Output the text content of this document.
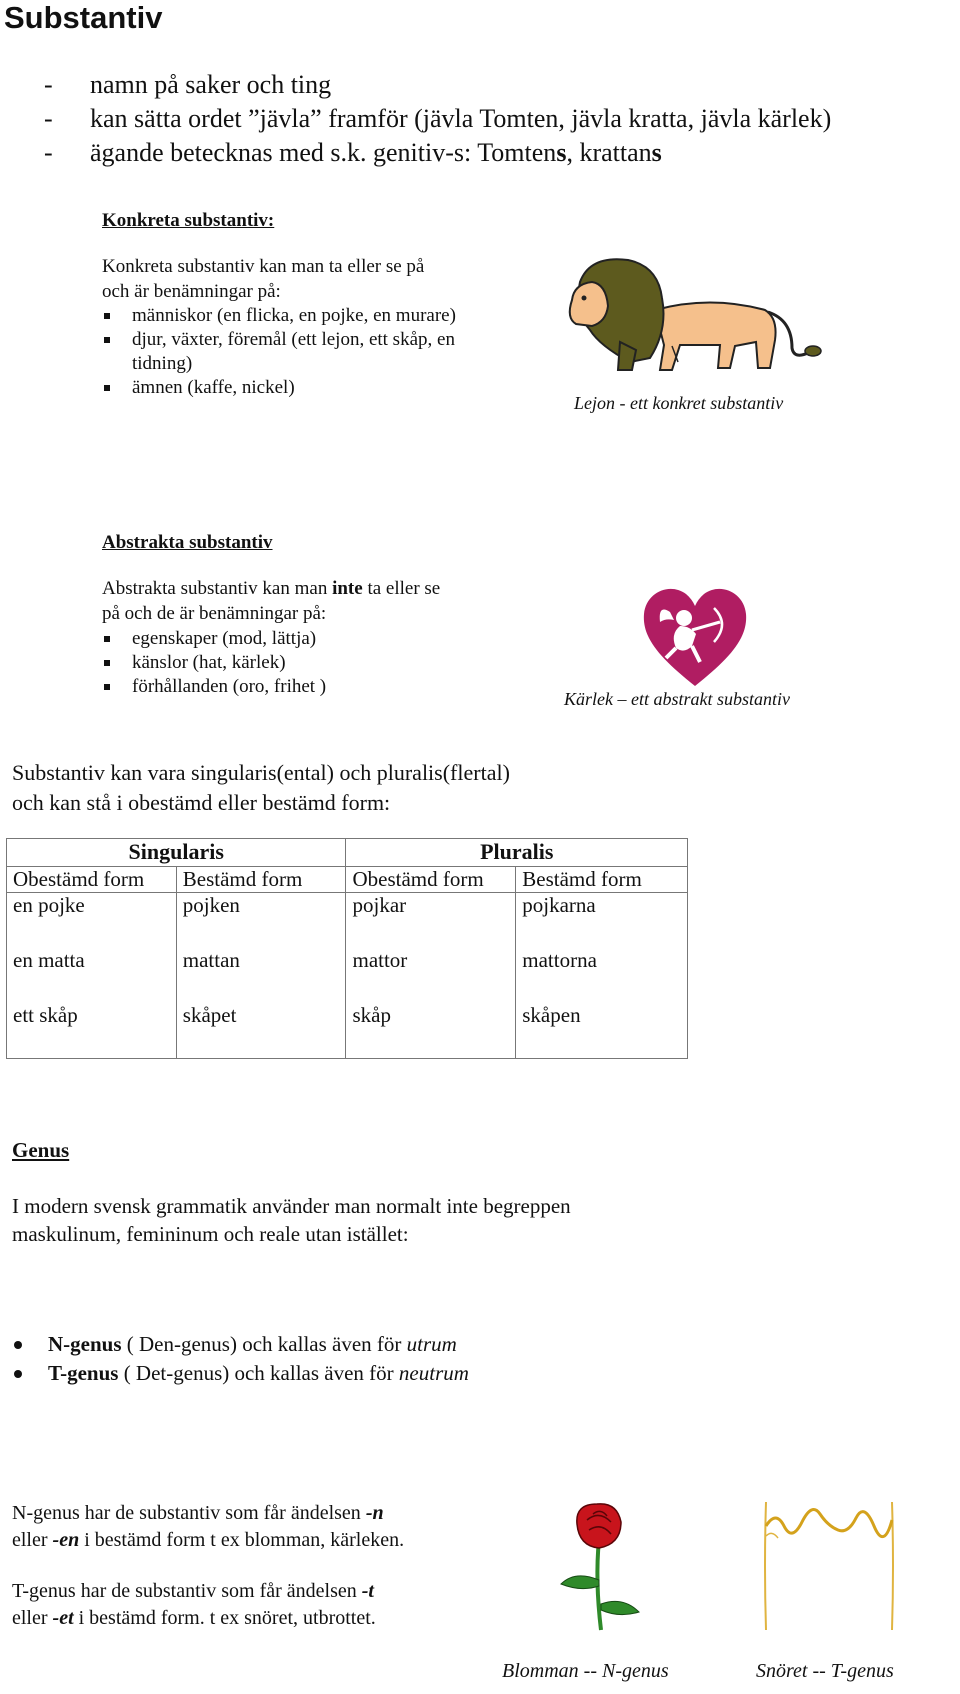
Substantiv
- namn på saker och ting
- kan sätta ordet ”jävla” framför (jävla Tomten, jävla kratta, jävla kärlek)
- ägande betecknas med s.k. genitiv-s: Tomtens, krattans
Konkreta substantiv:
Konkreta substantiv kan man ta eller se på
och är benämningar på:
människor (en flicka, en pojke, en murare)
djur, växter, föremål (ett lejon, ett skåp, en
tidning)
ämnen (kaffe, nickel)
Lejon - ett konkret substantiv
Abstrakta substantiv
Abstrakta substantiv kan man inte ta eller se
på och de är benämningar på:
egenskaper (mod, lättja)
känslor (hat, kärlek)
förhållanden (oro, frihet )
Kärlek – ett abstrakt substantiv
Substantiv kan vara singularis(ental) och pluralis(flertal)
och kan stå i obestämd eller bestämd form:
Singularis		Pluralis	
Obestämd form	Bestämd form	Obestämd form	Bestämd form
en pojke	pojken	pojkar	pojkarna
en matta	mattan	mattor	mattorna
ett skåp	skåpet	skåp	skåpen
Genus
I modern svensk grammatik använder man normalt inte begreppen
maskulinum, femininum och reale utan istället:
N-genus ( Den-genus) och kallas även för utrum
T-genus ( Det-genus) och kallas även för neutrum
N-genus har de substantiv som får ändelsen -n
eller -en i bestämd form t ex blomman, kärleken.
T-genus har de substantiv som får ändelsen -t
eller -et i bestämd form. t ex snöret, utbrottet.
Blomman -- N-genus	Snöret -- T-genus
